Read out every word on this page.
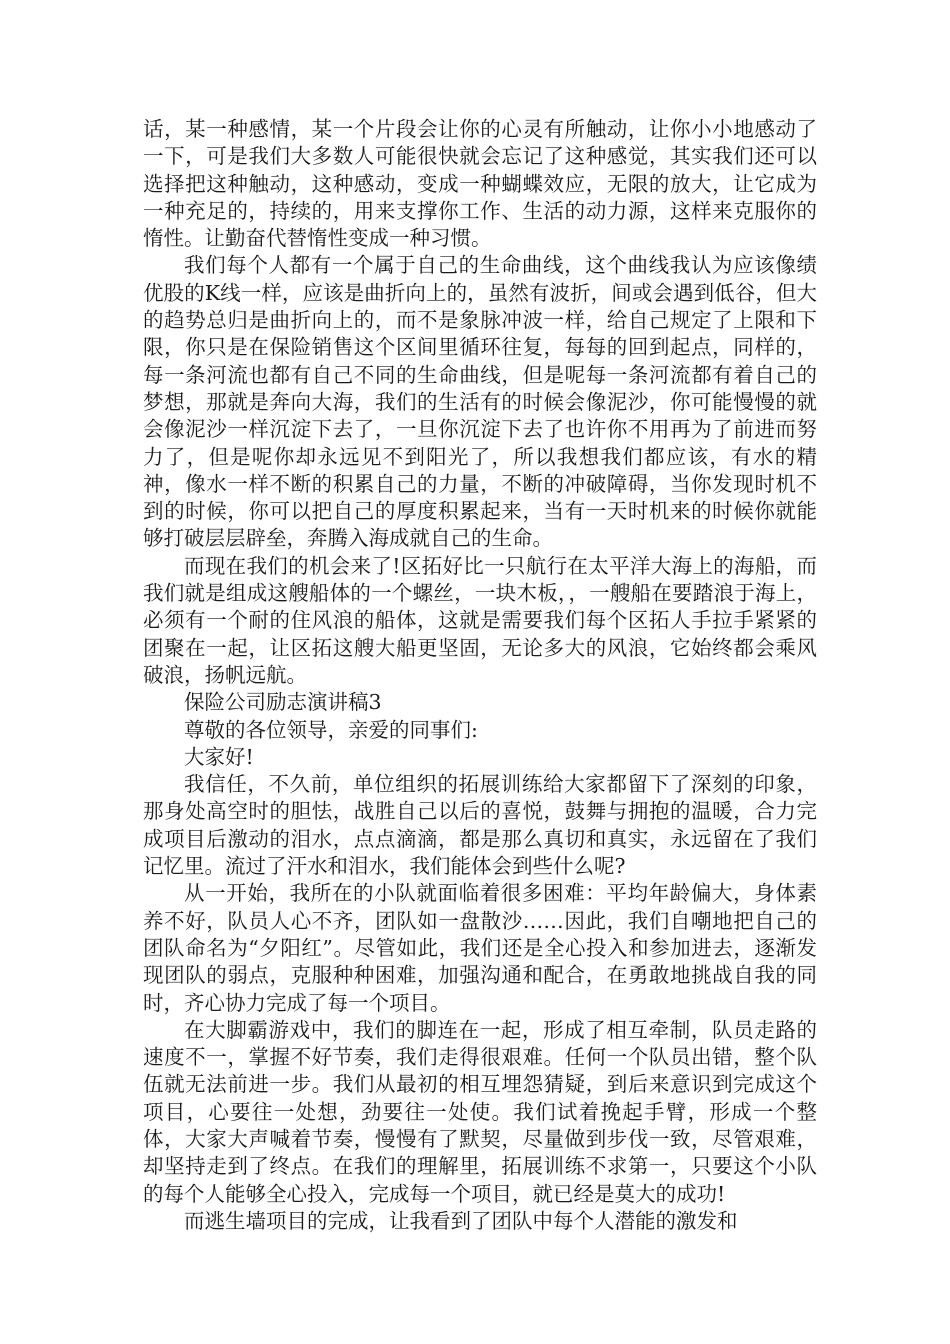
话，某一种感情，某一个片段会让你的心灵有所触动，让你小小地感动了一下，可是我们大多数人可能很快就会忘记了这种感觉，其实我们还可以选择把这种触动，这种感动，变成一种蝴蝶效应，无限的放大，让它成为一种充足的，持续的，用来支撑你工作、生活的动力源，这样来克服你的惰性。让勤奋代替惰性变成一种习惯。

我们每个人都有一个属于自己的生命曲线，这个曲线我认为应该像绩优股的K线一样，应该是曲折向上的，虽然有波折，间或会遇到低谷，但大的趋势总归是曲折向上的，而不是象脉冲波一样，给自己规定了上限和下限，你只是在保险销售这个区间里循环往复，每每的回到起点，同样的，每一条河流也都有自己不同的生命曲线，但是呢每一条河流都有着自己的梦想，那就是奔向大海，我们的生活有的时候会像泥沙，你可能慢慢的就会像泥沙一样沉淀下去了，一旦你沉淀下去了也许你不用再为了前进而努力了，但是呢你却永远见不到阳光了，所以我想我们都应该，有水的精神，像水一样不断的积累自己的力量，不断的冲破障碍，当你发现时机不到的时候，你可以把自己的厚度积累起来，当有一天时机来的时候你就能够打破层层辟垒，奔腾入海成就自己的生命。

而现在我们的机会来了!区拓好比一只航行在太平洋大海上的海船，而我们就是组成这艘船体的一个螺丝，一块木板，，一艘船在要踏浪于海上，必须有一个耐的住风浪的船体，这就是需要我们每个区拓人手拉手紧紧的团聚在一起，让区拓这艘大船更坚固，无论多大的风浪，它始终都会乘风破浪，扬帆远航。

保险公司励志演讲稿3

尊敬的各位领导，亲爱的同事们:

大家好!

我信任，不久前，单位组织的拓展训练给大家都留下了深刻的印象，那身处高空时的胆怯，战胜自己以后的喜悦，鼓舞与拥抱的温暖，合力完成项目后激动的泪水，点点滴滴，都是那么真切和真实，永远留在了我们记忆里。流过了汗水和泪水，我们能体会到些什么呢?

从一开始，我所在的小队就面临着很多困难：平均年龄偏大，身体素养不好，队员人心不齐，团队如一盘散沙……因此，我们自嘲地把自己的团队命名为“夕阳红”。尽管如此，我们还是全心投入和参加进去，逐渐发现团队的弱点，克服种种困难，加强沟通和配合，在勇敢地挑战自我的同时，齐心协力完成了每一个项目。

在大脚霸游戏中，我们的脚连在一起，形成了相互牵制，队员走路的速度不一，掌握不好节奏，我们走得很艰难。任何一个队员出错，整个队伍就无法前进一步。我们从最初的相互埋怨猜疑，到后来意识到完成这个项目，心要往一处想，劲要往一处使。我们试着挽起手臂，形成一个整体，大家大声喊着节奏，慢慢有了默契，尽量做到步伐一致，尽管艰难，却坚持走到了终点。在我们的理解里，拓展训练不求第一，只要这个小队的每个人能够全心投入，完成每一个项目，就已经是莫大的成功!

而逃生墙项目的完成，让我看到了团队中每个人潜能的激发和
